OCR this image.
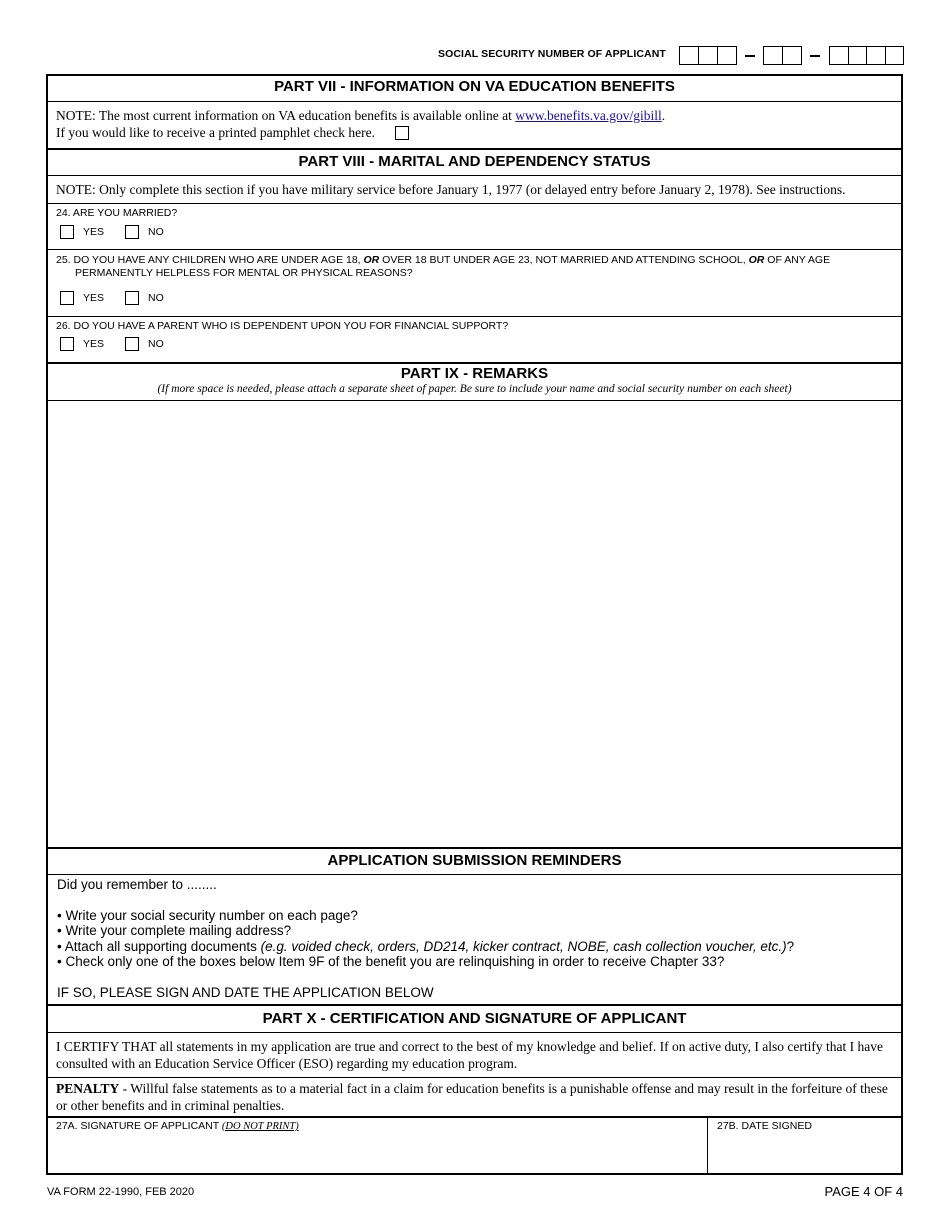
SOCIAL SECURITY NUMBER OF APPLICANT
PART VII - INFORMATION ON VA EDUCATION BENEFITS
NOTE: The most current information on VA education benefits is available online at www.benefits.va.gov/gibill.
If you would like to receive a printed pamphlet check here.
PART VIII - MARITAL AND DEPENDENCY STATUS
NOTE: Only complete this section if you have military service before January 1, 1977 (or delayed entry before January 2, 1978). See instructions.
24. ARE YOU MARRIED?
YES	NO
25. DO YOU HAVE ANY CHILDREN WHO ARE UNDER AGE 18, OR OVER 18 BUT UNDER AGE 23, NOT MARRIED AND ATTENDING SCHOOL, OR OF ANY AGE
PERMANENTLY HELPLESS FOR MENTAL OR PHYSICAL REASONS?
YES	NO
26. DO YOU HAVE A PARENT WHO IS DEPENDENT UPON YOU FOR FINANCIAL SUPPORT?
YES	NO
PART IX - REMARKS
(If more space is needed, please attach a separate sheet of paper. Be sure to include your name and social security number on each sheet)
APPLICATION SUBMISSION REMINDERS
Did you remember to ........
• Write your social security number on each page?
• Write your complete mailing address?
• Attach all supporting documents (e.g. voided check, orders, DD214, kicker contract, NOBE, cash collection voucher, etc.)?
• Check only one of the boxes below Item 9F of the benefit you are relinquishing in order to receive Chapter 33?
IF SO, PLEASE SIGN AND DATE THE APPLICATION BELOW
PART X - CERTIFICATION AND SIGNATURE OF APPLICANT
I CERTIFY THAT all statements in my application are true and correct to the best of my knowledge and belief. If on active duty, I also certify that I have consulted with an Education Service Officer (ESO) regarding my education program.
PENALTY - Willful false statements as to a material fact in a claim for education benefits is a punishable offense and may result in the forfeiture of these or other benefits and in criminal penalties.
27A. SIGNATURE OF APPLICANT (DO NOT PRINT)	27B. DATE SIGNED
VA FORM 22-1990, FEB 2020	PAGE 4 OF 4
